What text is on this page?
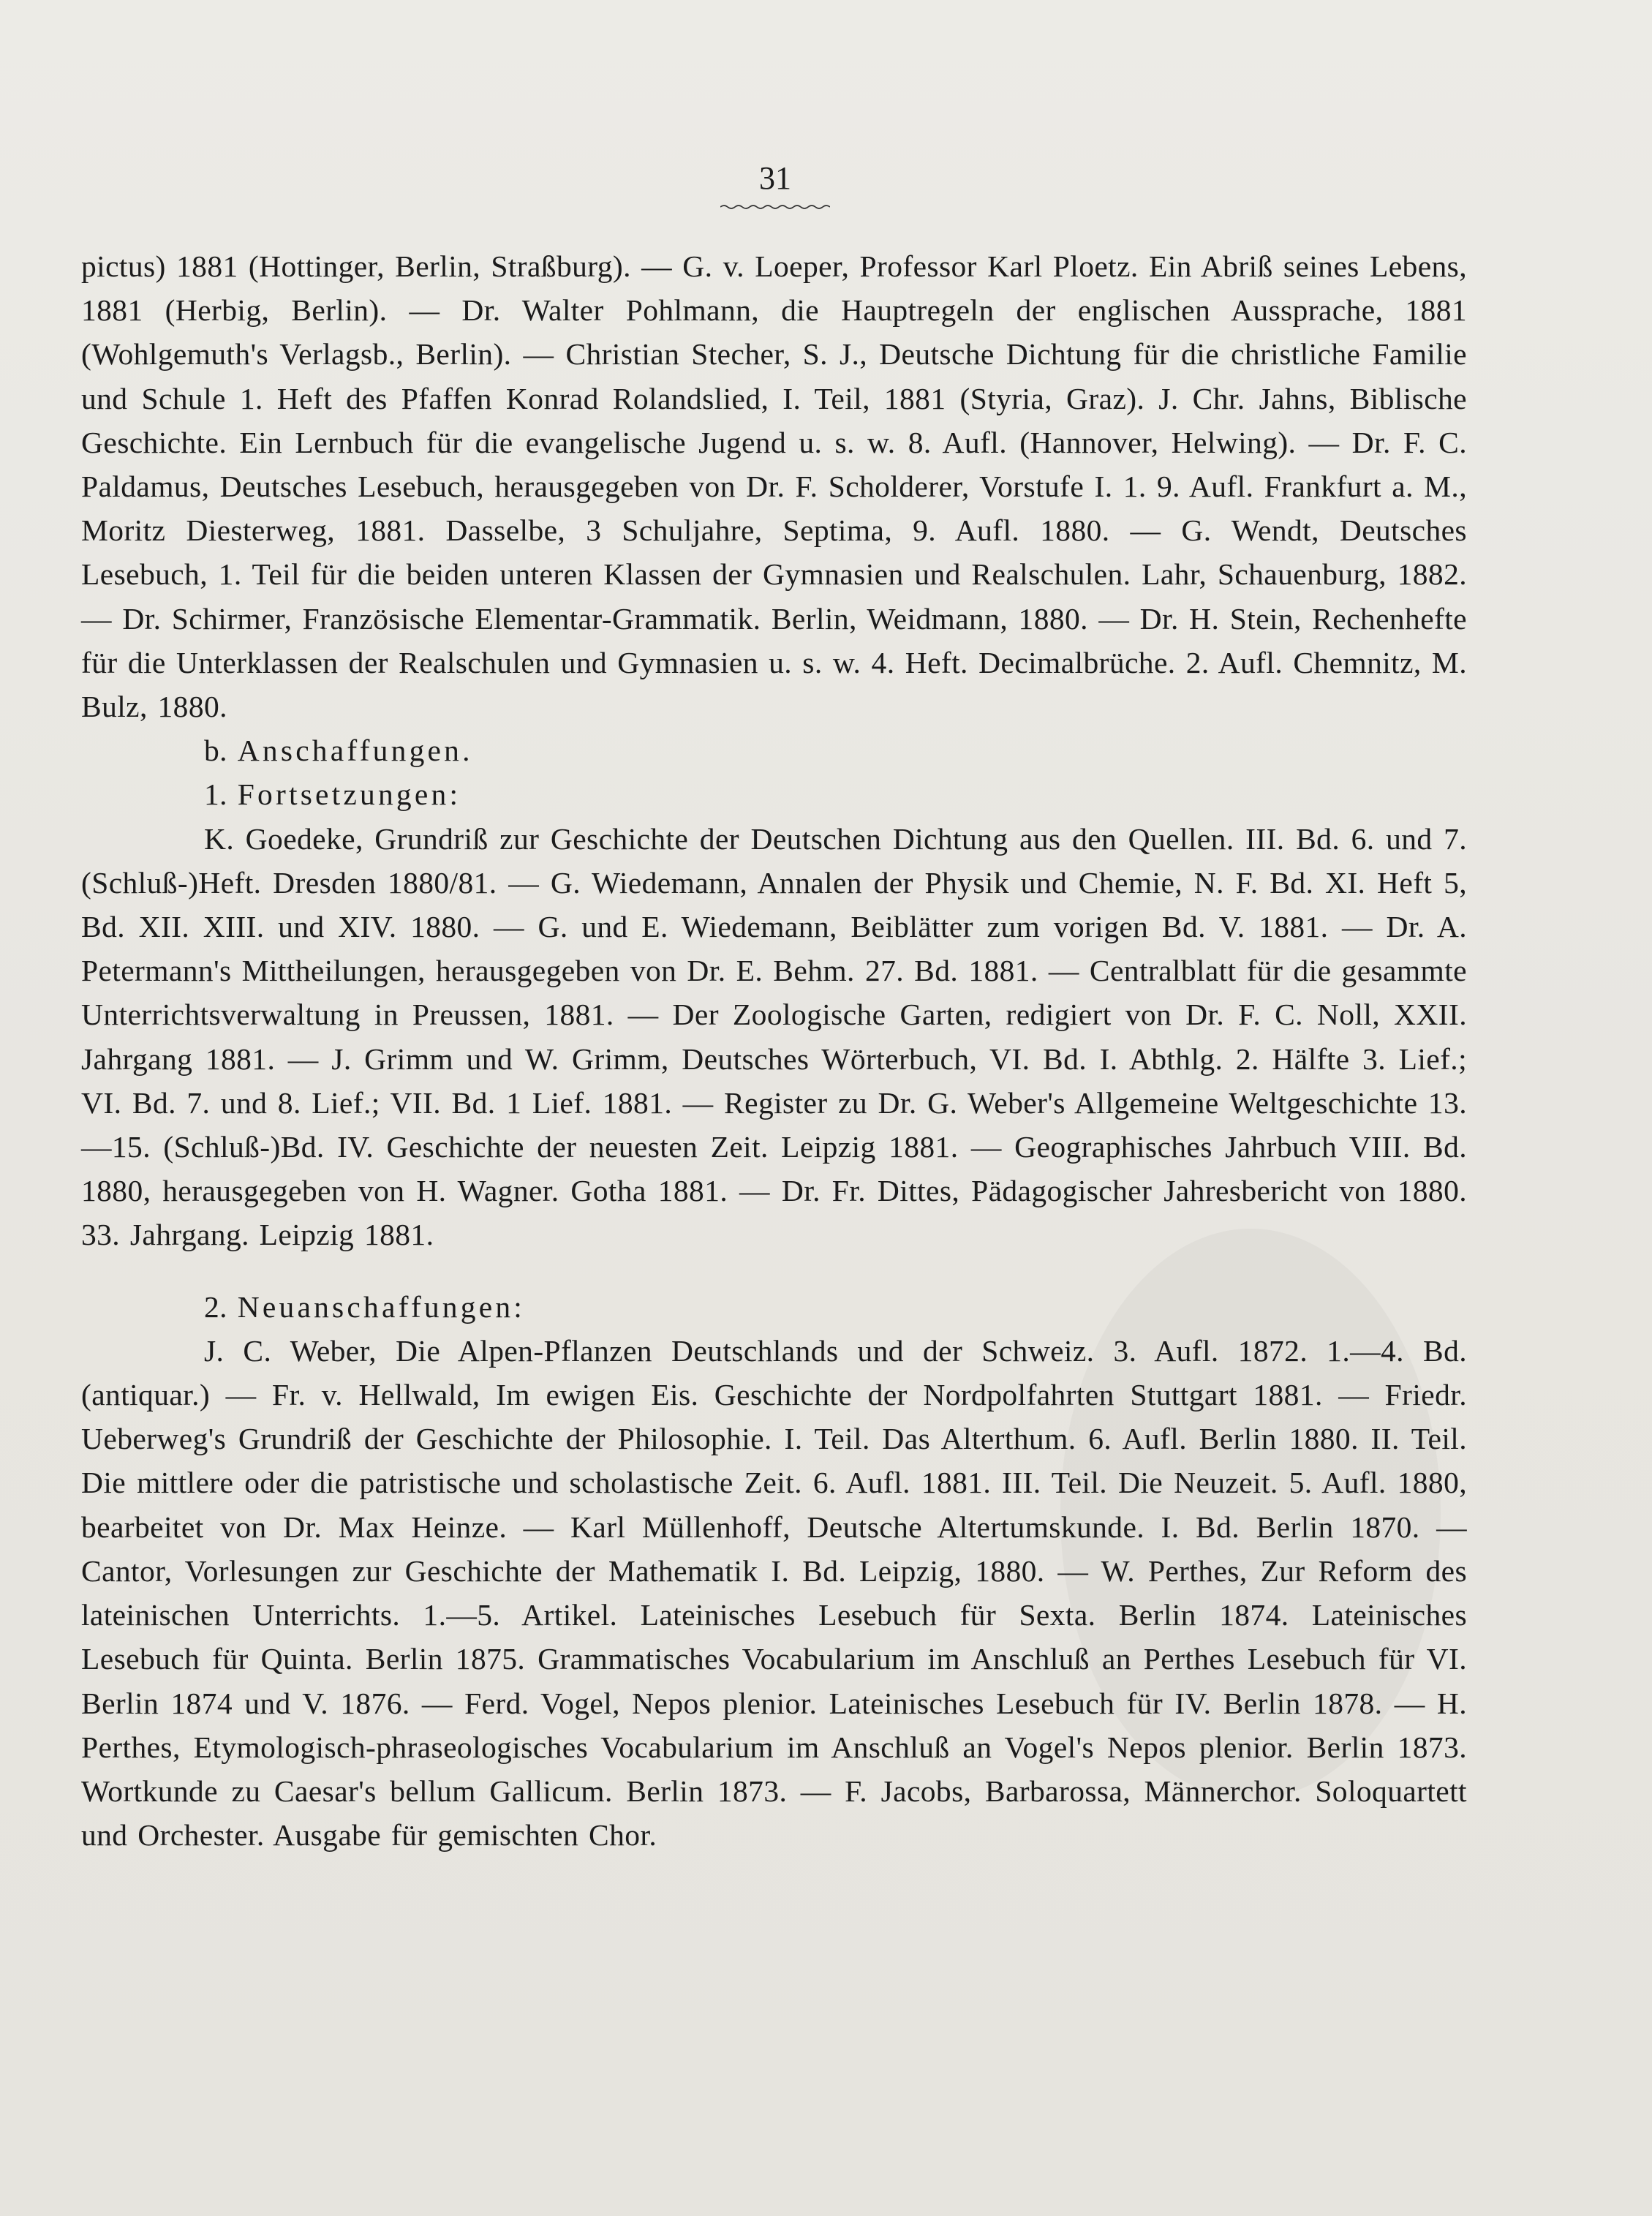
31

pictus) 1881 (Hottinger, Berlin, Straßburg). — G. v. Loeper, Professor Karl Ploetz. Ein Abriß seines Lebens, 1881 (Herbig, Berlin). — Dr. Walter Pohlmann, die Hauptregeln der englischen Aussprache, 1881 (Wohlgemuth's Verlagsb., Berlin). — Christian Stecher, S. J., Deutsche Dichtung für die christliche Familie und Schule 1. Heft des Pfaffen Konrad Rolandslied, I. Teil, 1881 (Styria, Graz). J. Chr. Jahns, Biblische Geschichte. Ein Lernbuch für die evangelische Jugend u. s. w. 8. Aufl. (Hannover, Helwing). — Dr. F. C. Paldamus, Deutsches Lesebuch, herausgegeben von Dr. F. Scholderer, Vorstufe I. 1. 9. Aufl. Frankfurt a. M., Moritz Diesterweg, 1881. Dasselbe, 3 Schuljahre, Septima, 9. Aufl. 1880. — G. Wendt, Deutsches Lesebuch, 1. Teil für die beiden unteren Klassen der Gymnasien und Realschulen. Lahr, Schauenburg, 1882. — Dr. Schirmer, Französische Elementar-Grammatik. Berlin, Weidmann, 1880. — Dr. H. Stein, Rechenhefte für die Unterklassen der Realschulen und Gymnasien u. s. w. 4. Heft. Decimalbrüche. 2. Aufl. Chemnitz, M. Bulz, 1880.

b. Anschaffungen.

1. Fortsetzungen:

K. Goedeke, Grundriß zur Geschichte der Deutschen Dichtung aus den Quellen. III. Bd. 6. und 7. (Schluß-)Heft. Dresden 1880/81. — G. Wiedemann, Annalen der Physik und Chemie, N. F. Bd. XI. Heft 5, Bd. XII. XIII. und XIV. 1880. — G. und E. Wiedemann, Beiblätter zum vorigen Bd. V. 1881. — Dr. A. Petermann's Mittheilungen, herausgegeben von Dr. E. Behm. 27. Bd. 1881. — Centralblatt für die gesammte Unterrichtsverwaltung in Preussen, 1881. — Der Zoologische Garten, redigiert von Dr. F. C. Noll, XXII. Jahrgang 1881. — J. Grimm und W. Grimm, Deutsches Wörterbuch, VI. Bd. I. Abthlg. 2. Hälfte 3. Lief.; VI. Bd. 7. und 8. Lief.; VII. Bd. 1 Lief. 1881. — Register zu Dr. G. Weber's Allgemeine Weltgeschichte 13.—15. (Schluß-)Bd. IV. Geschichte der neuesten Zeit. Leipzig 1881. — Geographisches Jahrbuch VIII. Bd. 1880, herausgegeben von H. Wagner. Gotha 1881. — Dr. Fr. Dittes, Pädagogischer Jahresbericht von 1880. 33. Jahrgang. Leipzig 1881.

2. Neuanschaffungen:

J. C. Weber, Die Alpen-Pflanzen Deutschlands und der Schweiz. 3. Aufl. 1872. 1.—4. Bd. (antiquar.) — Fr. v. Hellwald, Im ewigen Eis. Geschichte der Nordpolfahrten Stuttgart 1881. — Friedr. Ueberweg's Grundriß der Geschichte der Philosophie. I. Teil. Das Alterthum. 6. Aufl. Berlin 1880. II. Teil. Die mittlere oder die patristische und scholastische Zeit. 6. Aufl. 1881. III. Teil. Die Neuzeit. 5. Aufl. 1880, bearbeitet von Dr. Max Heinze. — Karl Müllenhoff, Deutsche Altertumskunde. I. Bd. Berlin 1870. — Cantor, Vorlesungen zur Geschichte der Mathematik I. Bd. Leipzig, 1880. — W. Perthes, Zur Reform des lateinischen Unterrichts. 1.—5. Artikel. Lateinisches Lesebuch für Sexta. Berlin 1874. Lateinisches Lesebuch für Quinta. Berlin 1875. Grammatisches Vocabularium im Anschluß an Perthes Lesebuch für VI. Berlin 1874 und V. 1876. — Ferd. Vogel, Nepos plenior. Lateinisches Lesebuch für IV. Berlin 1878. — H. Perthes, Etymologisch-phraseologisches Vocabularium im Anschluß an Vogel's Nepos plenior. Berlin 1873. Wortkunde zu Caesar's bellum Gallicum. Berlin 1873. — F. Jacobs, Barbarossa, Männerchor. Soloquartett und Orchester. Ausgabe für gemischten Chor.
